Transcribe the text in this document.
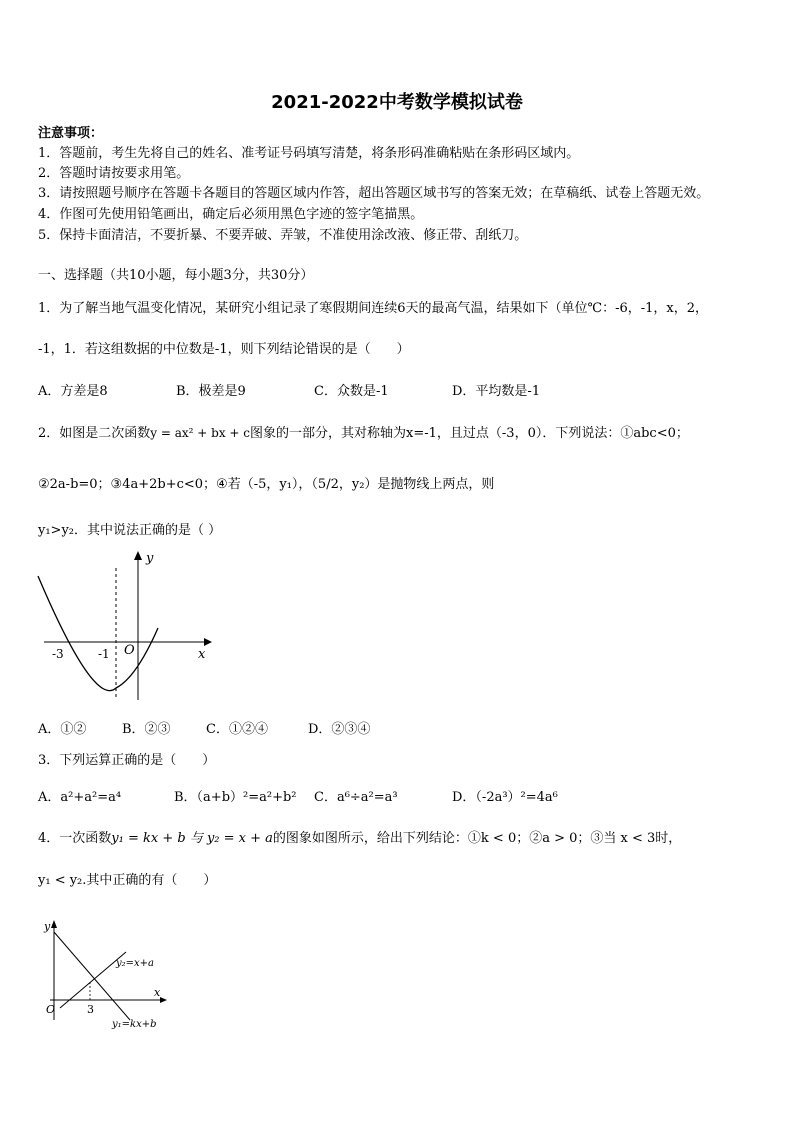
2021-2022中考数学模拟试卷
注意事项：
1．答题前，考生先将自己的姓名、准考证号码填写清楚，将条形码准确粘贴在条形码区域内。
2．答题时请按要求用笔。
3．请按照题号顺序在答题卡各题目的答题区域内作答，超出答题区域书写的答案无效；在草稿纸、试卷上答题无效。
4．作图可先使用铅笔画出，确定后必须用黑色字迹的签字笔描黑。
5．保持卡面清洁，不要折暴、不要弄破、弄皱，不准使用涂改液、修正带、刮纸刀。
一、选择题（共10小题，每小题3分，共30分）
1．为了解当地气温变化情况，某研究小组记录了寒假期间连续6天的最高气温，结果如下（单位℃：-6，-1，x，2，
-1，1．若这组数据的中位数是-1，则下列结论错误的是（　　）
A．方差是8	B．极差是9	C．众数是-1	D．平均数是-1
2．如图是二次函数y = ax² + bx + c图象的一部分，其对称轴为x=-1，且过点（-3，0）．下列说法：①abc<0；
②2a-b=0；③4a+2b+c<0；④若（-5，y₁），（5/2，y₂）是抛物线上两点，则
y₁>y₂．其中说法正确的是（ ）
y
x
-3	-1 O
A．①②	B．②③	C．①②④	D．②③④
3．下列运算正确的是（　　）
A．a²+a²=a⁴	B．（a+b）²=a²+b² C．a⁶÷a²=a³	D．（-2a³）²=4a⁶
4．一次函数y₁ = kx + b 与 y₂ = x + a的图象如图所示，给出下列结论：①k < 0；②a > 0；③当 x < 3时，
y₁ < y₂.其中正确的有（　　）
y
x
3
O
y₂=x+a
y₁=kx+b
